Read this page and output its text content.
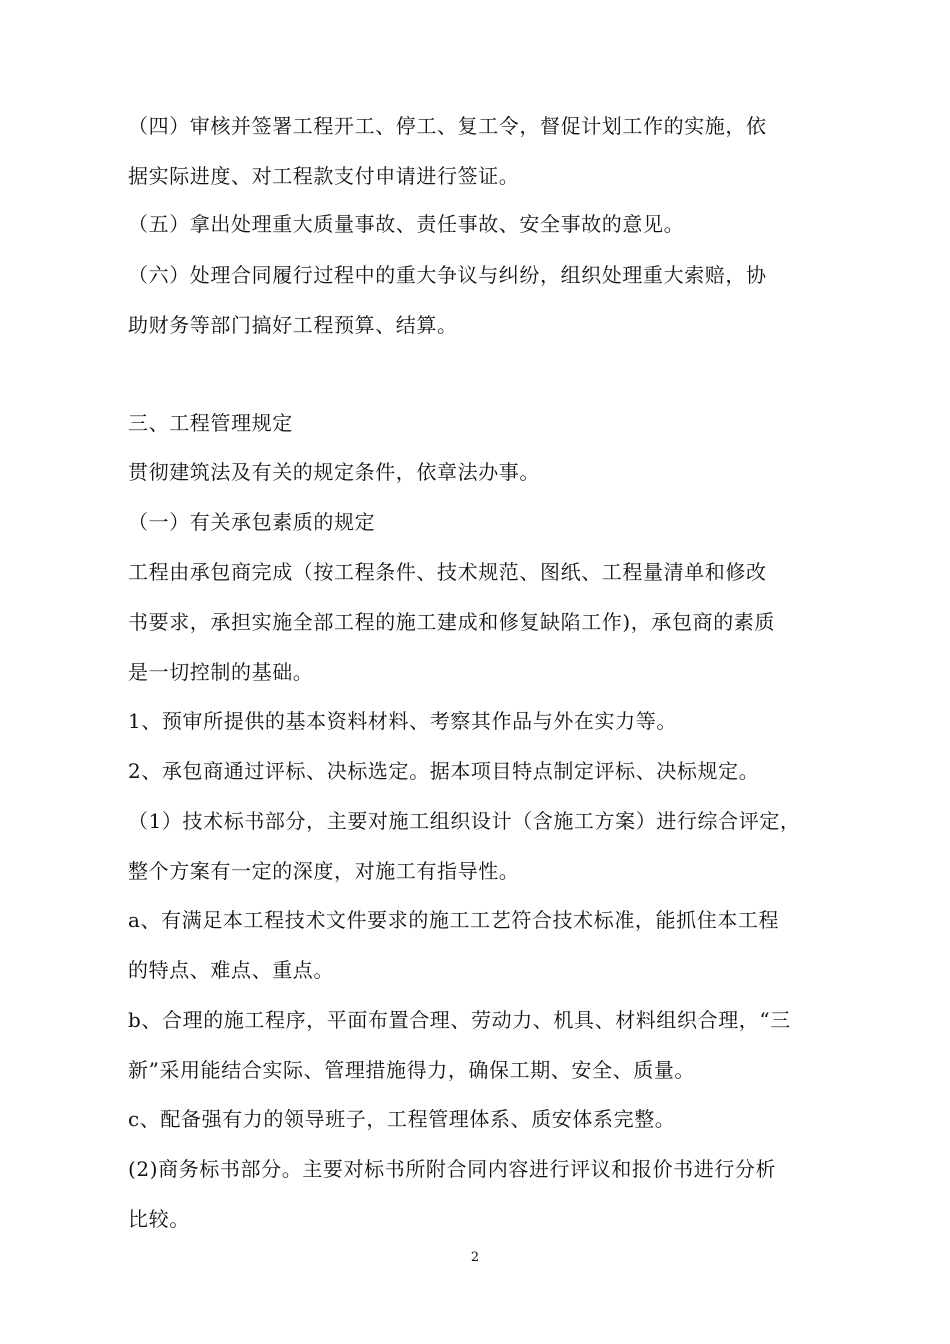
（四）审核并签署工程开工、停工、复工令，督促计划工作的实施，依
据实际进度、对工程款支付申请进行签证。
（五）拿出处理重大质量事故、责任事故、安全事故的意见。
（六）处理合同履行过程中的重大争议与纠纷，组织处理重大索赔，协
助财务等部门搞好工程预算、结算。
三、工程管理规定
贯彻建筑法及有关的规定条件，依章法办事。
（一）有关承包素质的规定
工程由承包商完成（按工程条件、技术规范、图纸、工程量清单和修改
书要求，承担实施全部工程的施工建成和修复缺陷工作)，承包商的素质
是一切控制的基础。
1、预审所提供的基本资料材料、考察其作品与外在实力等。
2、承包商通过评标、决标选定。据本项目特点制定评标、决标规定。
（1）技术标书部分，主要对施工组织设计（含施工方案）进行综合评定，
整个方案有一定的深度，对施工有指导性。
a、有满足本工程技术文件要求的施工工艺符合技术标准，能抓住本工程
的特点、难点、重点。
b、合理的施工程序，平面布置合理、劳动力、机具、材料组织合理，“三
新”采用能结合实际、管理措施得力，确保工期、安全、质量。
c、配备强有力的领导班子，工程管理体系、质安体系完整。
(2)商务标书部分。主要对标书所附合同内容进行评议和报价书进行分析
比较。
2
